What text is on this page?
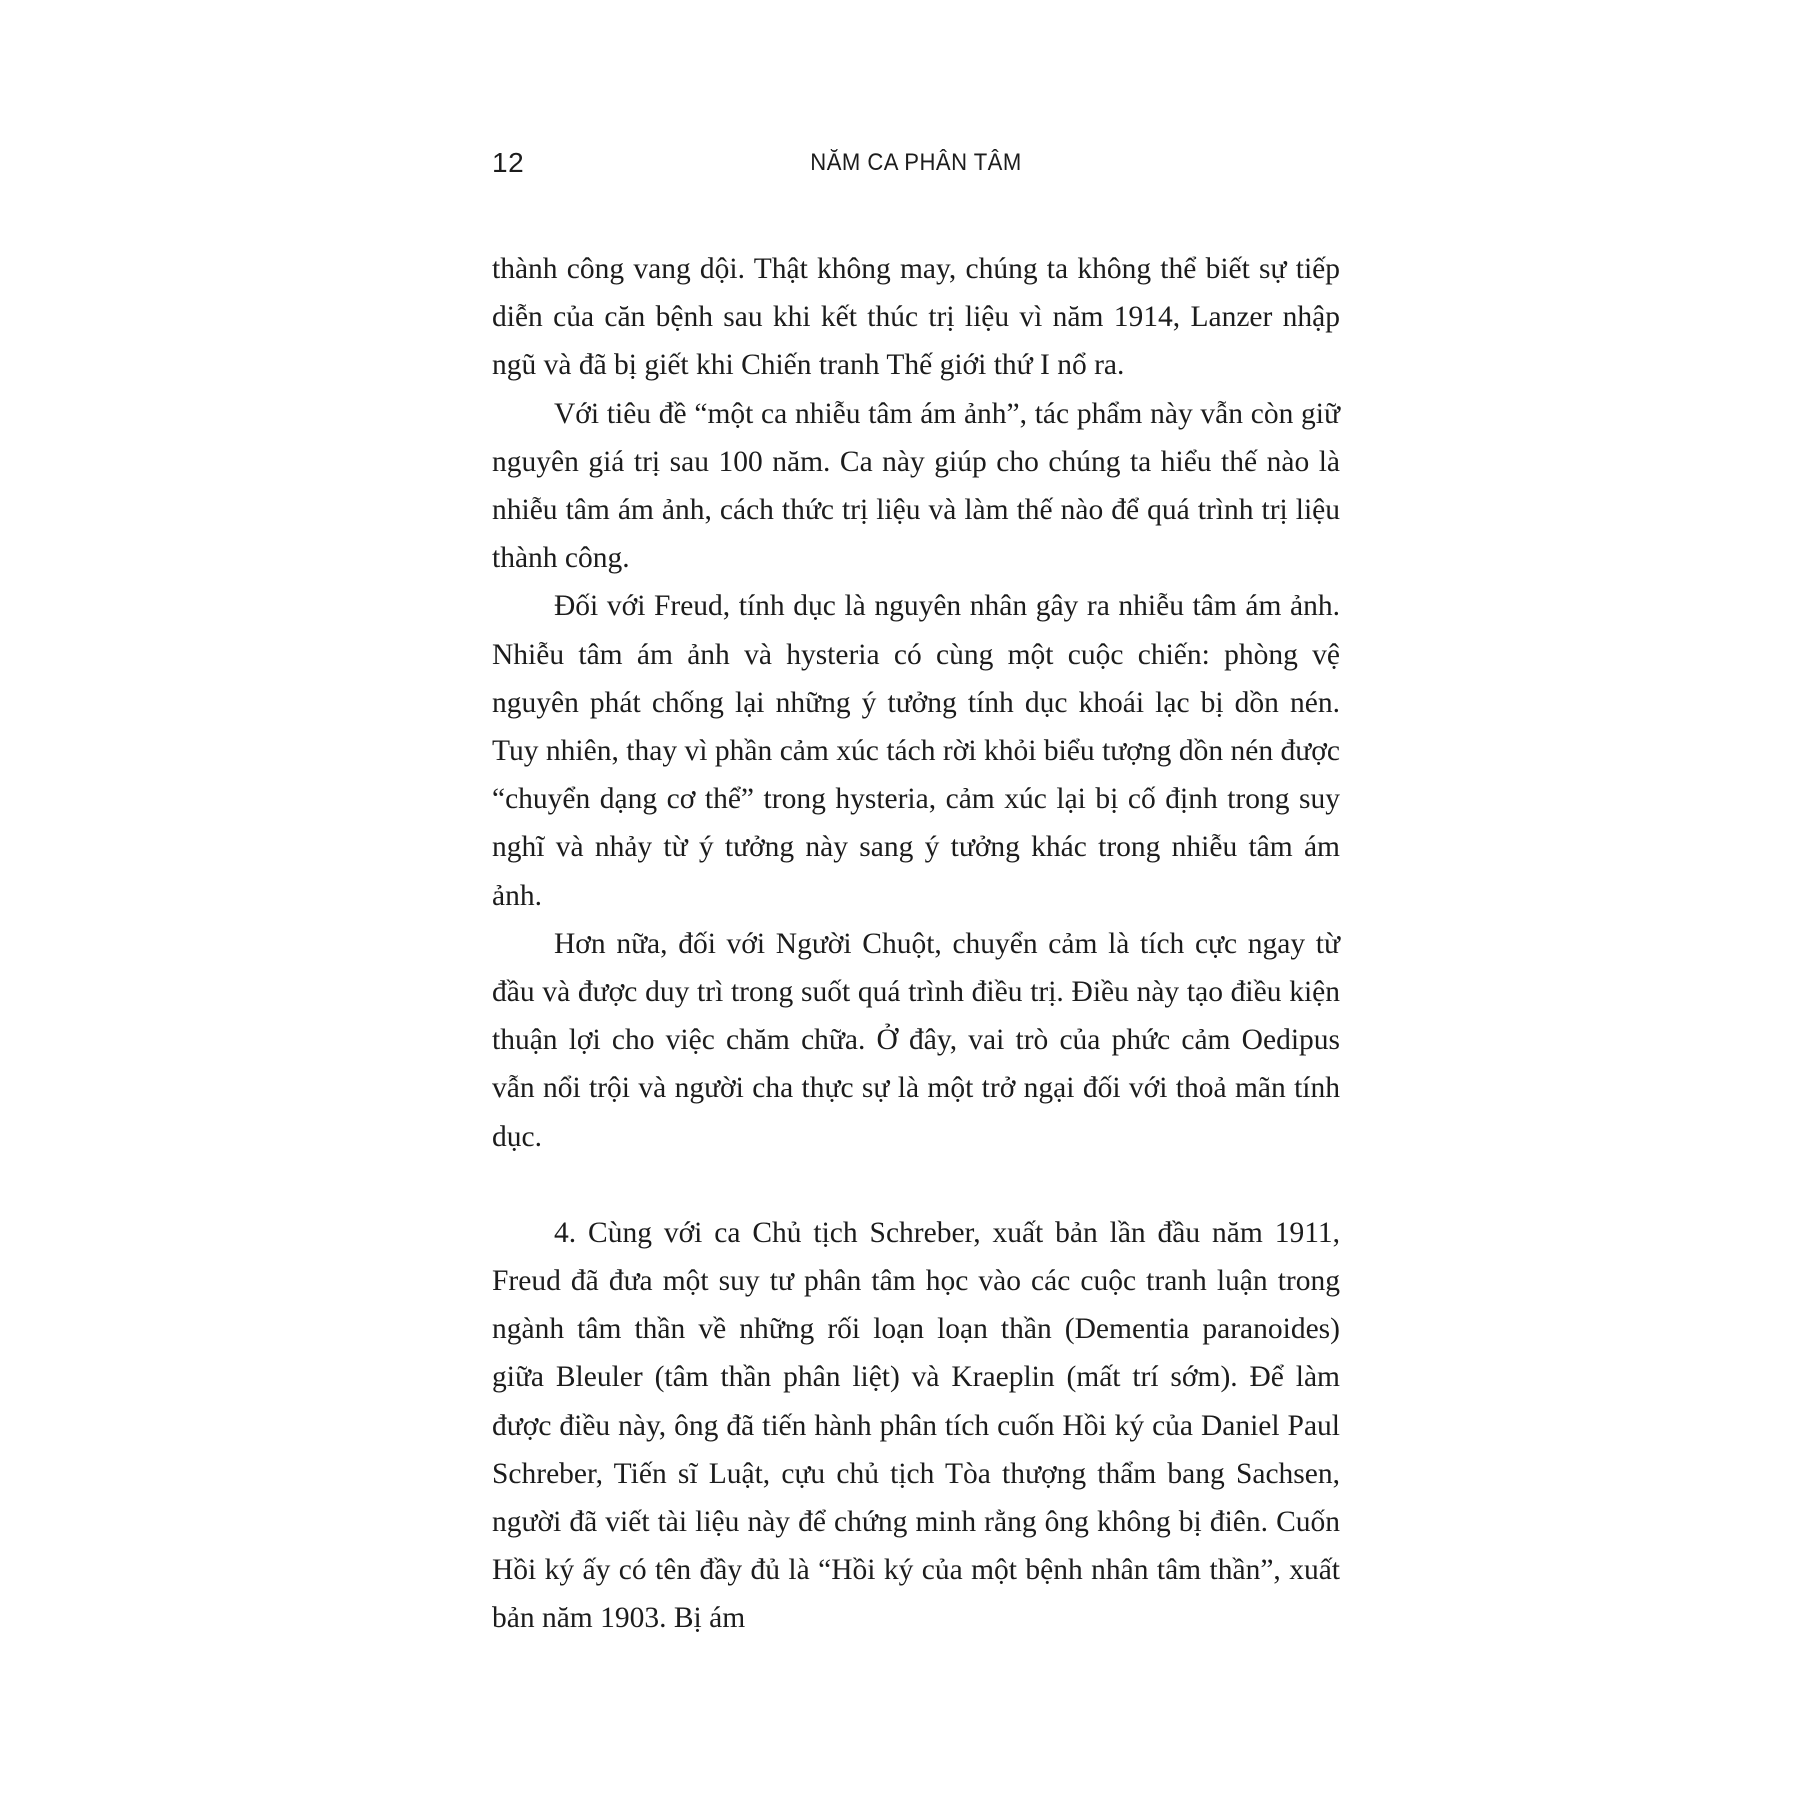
12	NĂM CA PHÂN TÂM

thành công vang dội. Thật không may, chúng ta không thể biết sự tiếp diễn của căn bệnh sau khi kết thúc trị liệu vì năm 1914, Lanzer nhập ngũ và đã bị giết khi Chiến tranh Thế giới thứ I nổ ra.

Với tiêu đề “một ca nhiễu tâm ám ảnh”, tác phẩm này vẫn còn giữ nguyên giá trị sau 100 năm. Ca này giúp cho chúng ta hiểu thế nào là nhiễu tâm ám ảnh, cách thức trị liệu và làm thế nào để quá trình trị liệu thành công.

Đối với Freud, tính dục là nguyên nhân gây ra nhiễu tâm ám ảnh. Nhiễu tâm ám ảnh và hysteria có cùng một cuộc chiến: phòng vệ nguyên phát chống lại những ý tưởng tính dục khoái lạc bị dồn nén. Tuy nhiên, thay vì phần cảm xúc tách rời khỏi biểu tượng dồn nén được “chuyển dạng cơ thể” trong hysteria, cảm xúc lại bị cố định trong suy nghĩ và nhảy từ ý tưởng này sang ý tưởng khác trong nhiễu tâm ám ảnh.

Hơn nữa, đối với Người Chuột, chuyển cảm là tích cực ngay từ đầu và được duy trì trong suốt quá trình điều trị. Điều này tạo điều kiện thuận lợi cho việc chăm chữa. Ở đây, vai trò của phức cảm Oedipus vẫn nổi trội và người cha thực sự là một trở ngại đối với thoả mãn tính dục.

4. Cùng với ca Chủ tịch Schreber, xuất bản lần đầu năm 1911, Freud đã đưa một suy tư phân tâm học vào các cuộc tranh luận trong ngành tâm thần về những rối loạn loạn thần (Dementia paranoides) giữa Bleuler (tâm thần phân liệt) và Kraeplin (mất trí sớm). Để làm được điều này, ông đã tiến hành phân tích cuốn Hồi ký của Daniel Paul Schreber, Tiến sĩ Luật, cựu chủ tịch Tòa thượng thẩm bang Sachsen, người đã viết tài liệu này để chứng minh rằng ông không bị điên. Cuốn Hồi ký ấy có tên đầy đủ là “Hồi ký của một bệnh nhân tâm thần”, xuất bản năm 1903. Bị ám
